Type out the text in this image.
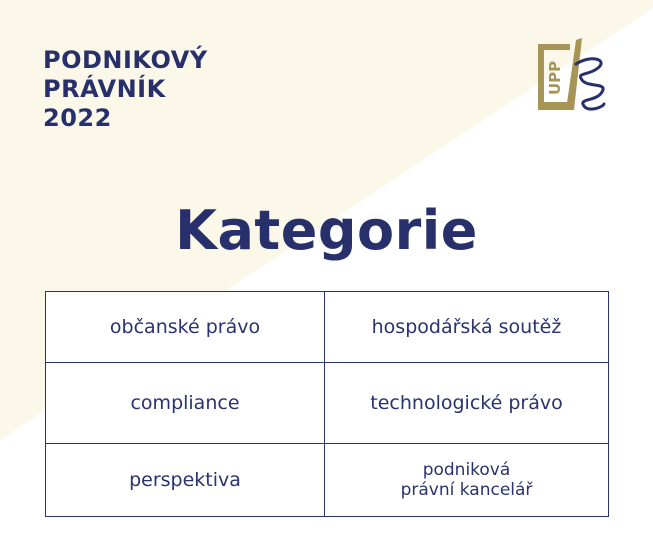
PODNIKOVÝ
PRÁVNÍK
2022
UPP
Kategorie
občanské právo	hospodářská soutěž
compliance	technologické právo
perspektiva	podniková
právní kancelář
